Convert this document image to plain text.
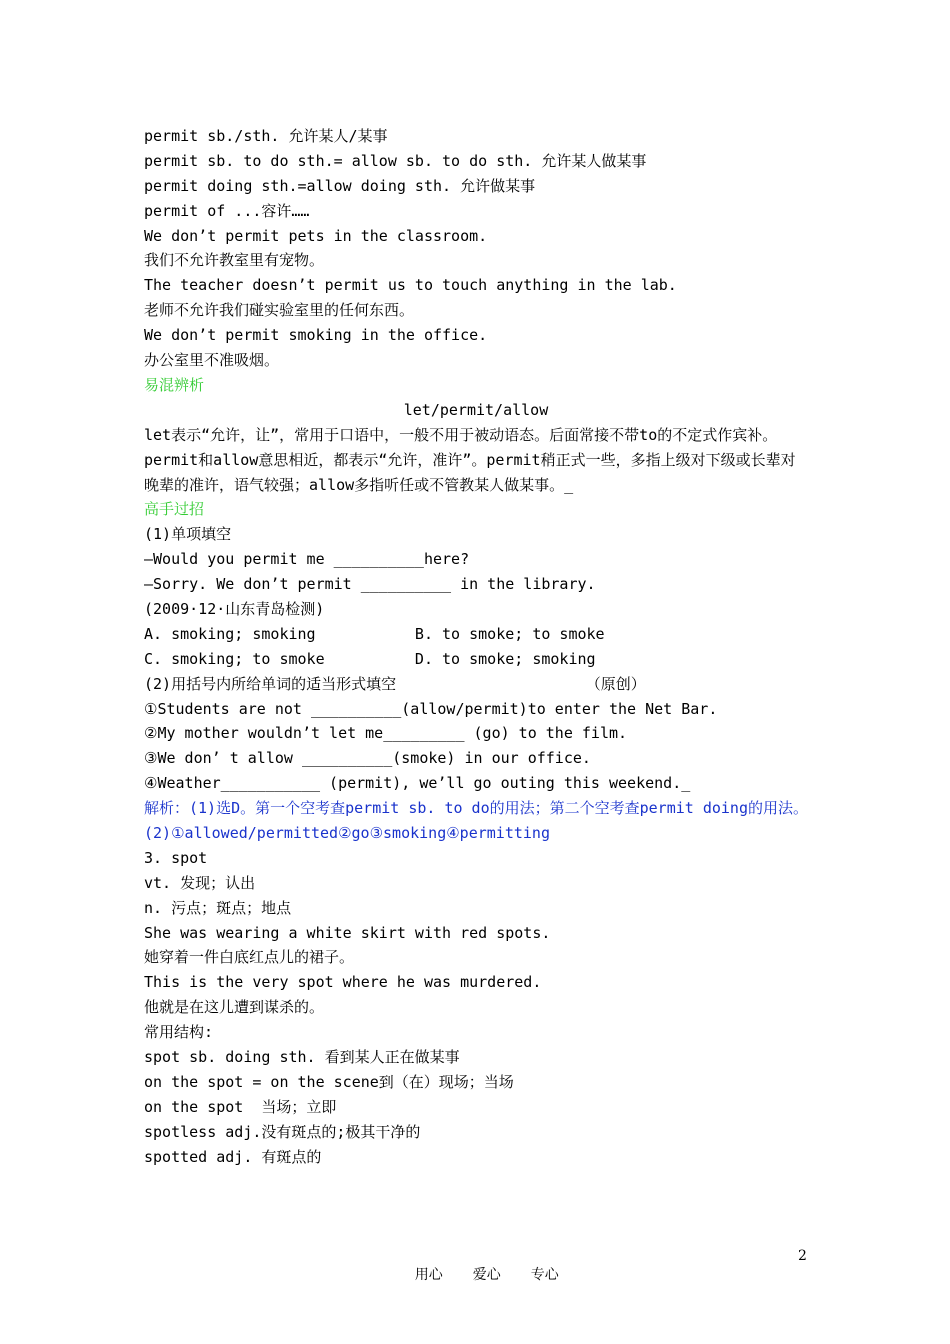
permit sb./sth. 允许某人/某事
permit sb. to do sth.= allow sb. to do sth. 允许某人做某事
permit doing sth.=allow doing sth. 允许做某事
permit of ...容许……
We don’t permit pets in the classroom.
我们不允许教室里有宠物。
The teacher doesn’t permit us to touch anything in the lab.
老师不允许我们碰实验室里的任何东西。
We don’t permit smoking in the office.
办公室里不准吸烟。
易混辨析
let/permit/allow
let表示“允许，让”，常用于口语中，一般不用于被动语态。后面常接不带to的不定式作宾补。
permit和allow意思相近，都表示“允许，准许”。permit稍正式一些，多指上级对下级或长辈对晚辈的准许，语气较强；allow多指听任或不管教某人做某事。_
高手过招
(1)单项填空
—Would you permit me __________here?
—Sorry. We don’t permit __________ in the library.
(2009·12·山东青岛检测)
A. smoking; smoking           B. to smoke; to smoke
C. smoking; to smoke          D. to smoke; smoking
(2)用括号内所给单词的适当形式填空                     （原创）
①Students are not __________(allow/permit)to enter the Net Bar.
②My mother wouldn’t let me_________ (go) to the film.
③We don’ t allow __________(smoke) in our office.
④Weather___________ (permit), we’ll go outing this weekend._
解析：(1)选D。第一个空考查permit sb. to do的用法；第二个空考查permit doing的用法。
(2)①allowed/permitted②go③smoking④permitting
3. spot
vt. 发现；认出
n. 污点；斑点；地点
She was wearing a white skirt with red spots.
她穿着一件白底红点儿的裙子。
This is the very spot where he was murdered.
他就是在这儿遭到谋杀的。
常用结构:
spot sb. doing sth. 看到某人正在做某事
on the spot = on the scene到（在）现场；当场
on the spot  当场；立即
spotless adj.没有斑点的;极其干净的
spotted adj. 有斑点的

用心 爱心 专心

2
